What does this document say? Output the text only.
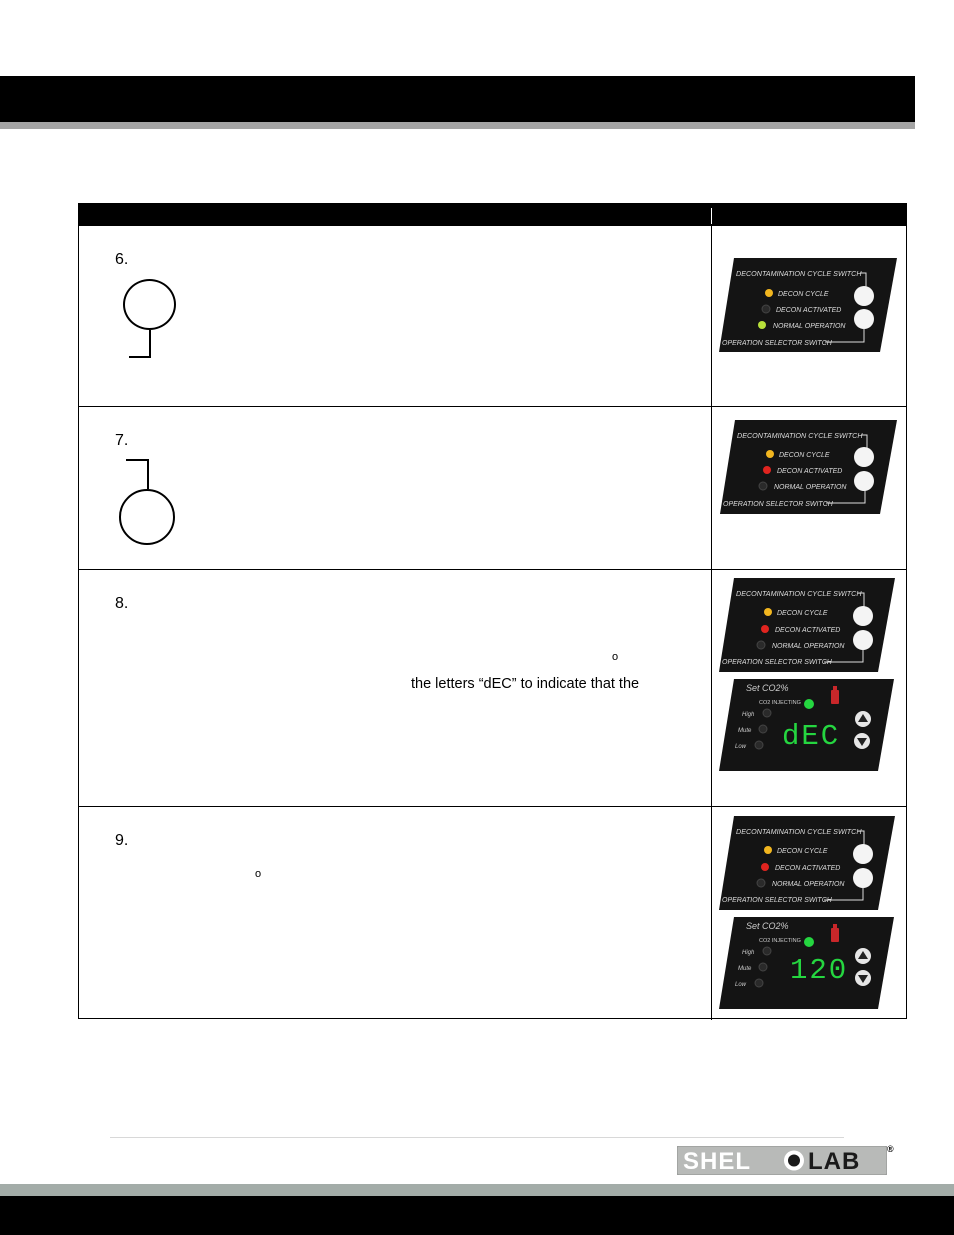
6.
7.
8.
o
the letters “dEC” to indicate that the
9.
o
DECONTAMINATION CYCLE SWITCH
DECON CYCLE
DECON ACTIVATED
NORMAL OPERATION
OPERATION SELECTOR SWITCH
DECONTAMINATION CYCLE SWITCH
DECON CYCLE
DECON ACTIVATED
NORMAL OPERATION
OPERATION SELECTOR SWITCH
DECONTAMINATION CYCLE SWITCH
DECON CYCLE
DECON ACTIVATED
NORMAL OPERATION
OPERATION SELECTOR SWITCH
Set CO2%
CO2 INJECTING
High
Mute
Low dEC
DECONTAMINATION CYCLE SWITCH
DECON CYCLE
DECON ACTIVATED
NORMAL OPERATION
OPERATION SELECTOR SWITCH
Set CO2%
CO2 INJECTING
High
Mute
Low 120
SHEL LAB	®
